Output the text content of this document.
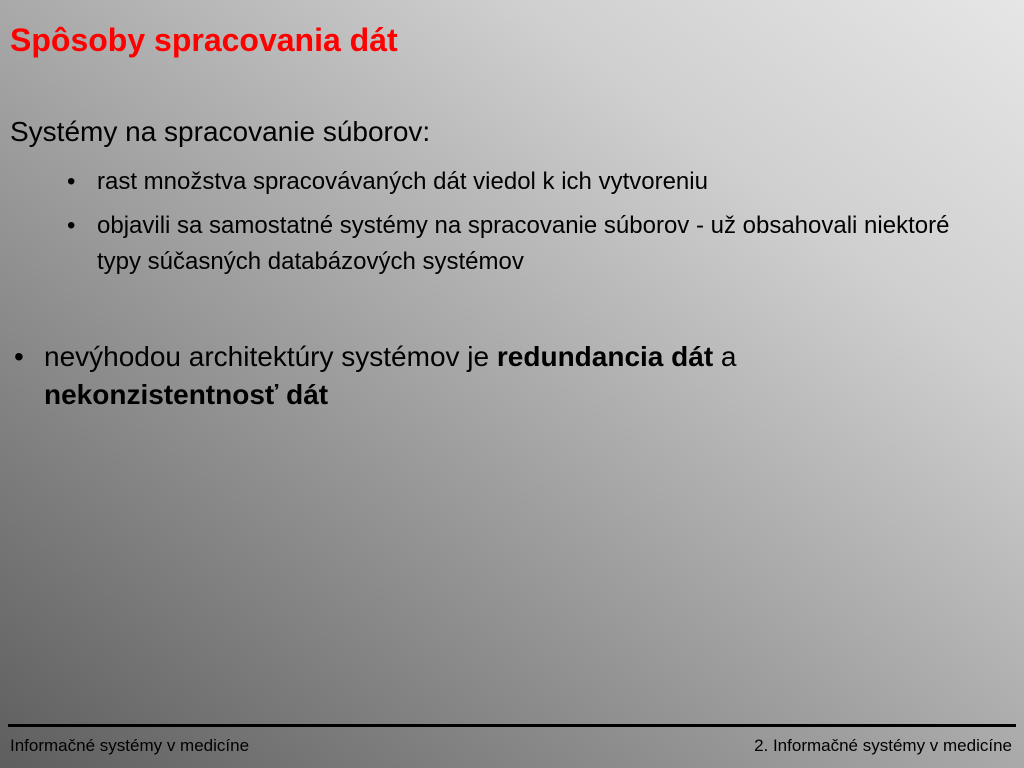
Spôsoby spracovania dát
Systémy na spracovanie súborov:
• rast množstva spracovávaných dát viedol k ich vytvoreniu
• objavili sa samostatné systémy na spracovanie súborov - už obsahovali niektoré typy súčasných databázových systémov
• nevýhodou architektúry systémov je redundancia dát a
nekonzistentnosť dát
Informačné systémy v medicíne	2. Informačné systémy v medicíne
